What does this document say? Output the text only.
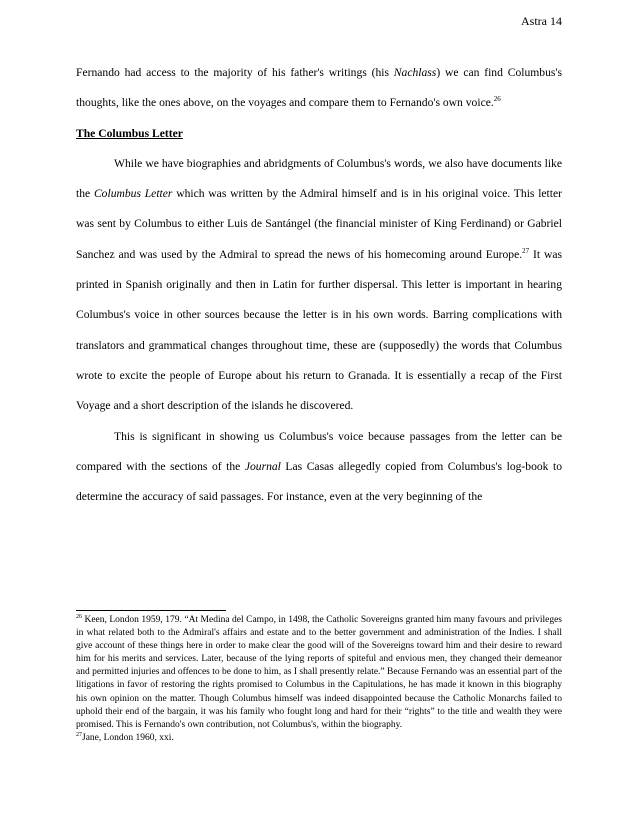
Astra 14

Fernando had access to the majority of his father's writings (his Nachlass) we can find Columbus's thoughts, like the ones above, on the voyages and compare them to Fernando's own voice.$^{26}$

The Columbus Letter

While we have biographies and abridgments of Columbus's words, we also have documents like the Columbus Letter which was written by the Admiral himself and is in his original voice. This letter was sent by Columbus to either Luis de Santángel (the financial minister of King Ferdinand) or Gabriel Sanchez and was used by the Admiral to spread the news of his homecoming around Europe.$^{27}$ It was printed in Spanish originally and then in Latin for further dispersal. This letter is important in hearing Columbus's voice in other sources because the letter is in his own words. Barring complications with translators and grammatical changes throughout time, these are (supposedly) the words that Columbus wrote to excite the people of Europe about his return to Granada. It is essentially a recap of the First Voyage and a short description of the islands he discovered.

This is significant in showing us Columbus's voice because passages from the letter can be compared with the sections of the Journal Las Casas allegedly copied from Columbus's log-book to determine the accuracy of said passages. For instance, even at the very beginning of the

$^{26}$ Keen, London 1959, 179. “At Medina del Campo, in 1498, the Catholic Sovereigns granted him many favours and privileges in what related both to the Admiral's affairs and estate and to the better government and administration of the Indies. I shall give account of these things here in order to make clear the good will of the Sovereigns toward him and their desire to reward him for his merits and services. Later, because of the lying reports of spiteful and envious men, they changed their demeanor and permitted injuries and offences to be done to him, as I shall presently relate.” Because Fernando was an essential part of the litigations in favor of restoring the rights promised to Columbus in the Capitulations, he has made it known in this biography his own opinion on the matter. Though Columbus himself was indeed disappointed because the Catholic Monarchs failed to uphold their end of the bargain, it was his family who fought long and hard for their “rights” to the title and wealth they were promised. This is Fernando's own contribution, not Columbus's, within the biography.

$^{27}$Jane, London 1960, xxi.
